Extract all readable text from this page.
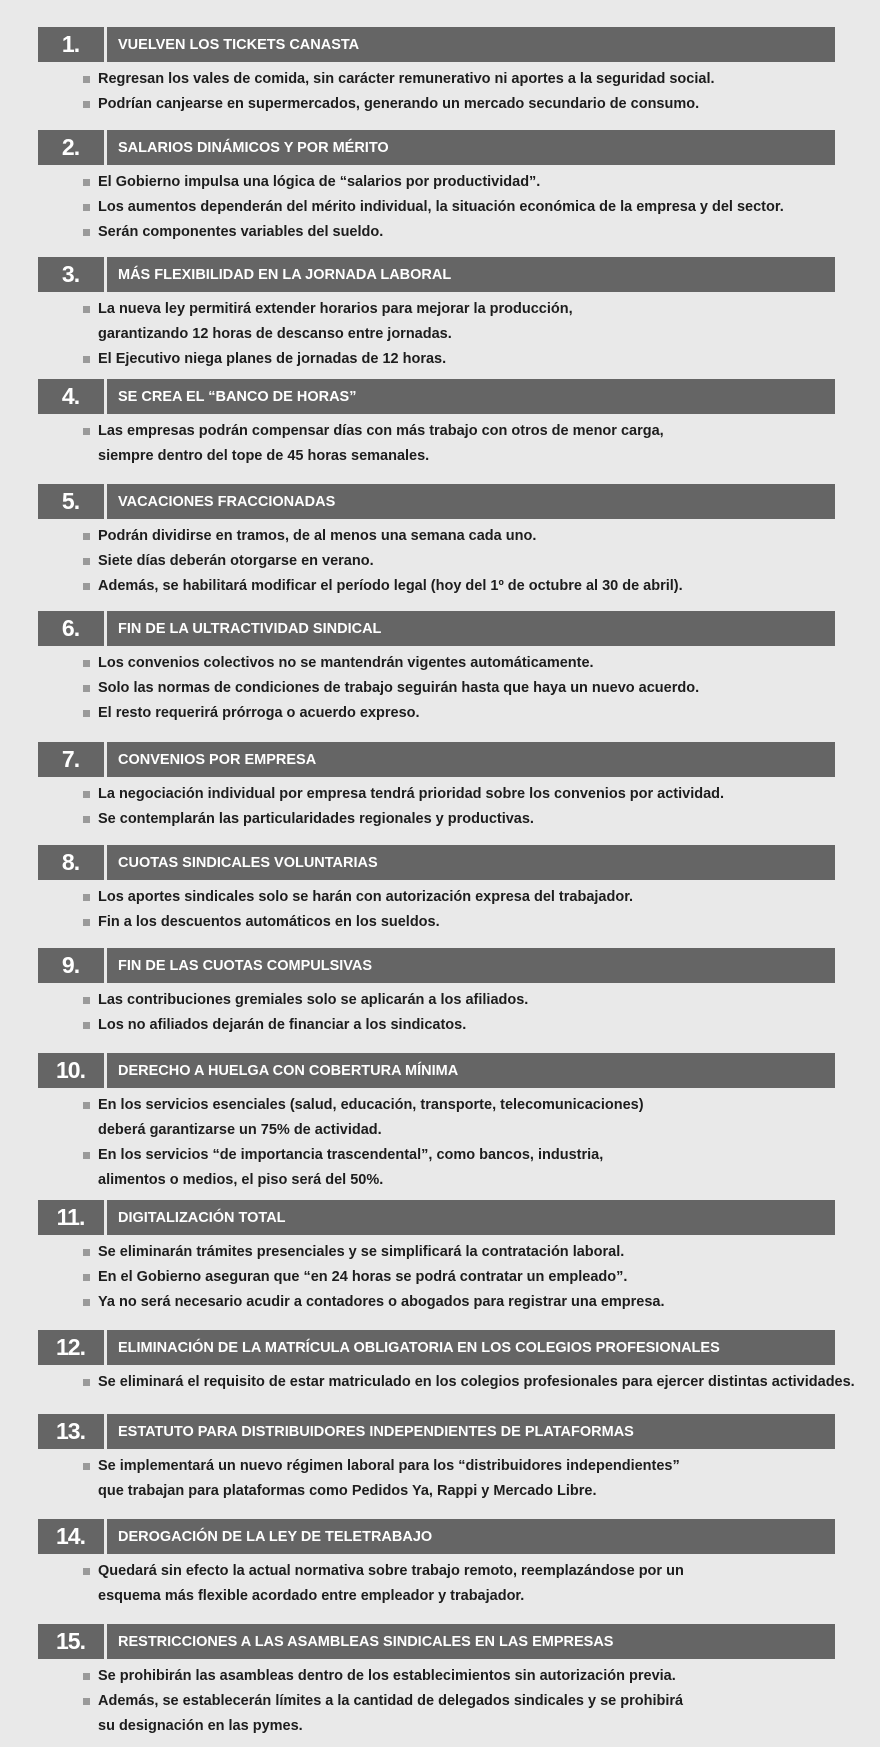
1.	VUELVEN LOS TICKETS CANASTA
Regresan los vales de comida, sin carácter remunerativo ni aportes a la seguridad social.
Podrían canjearse en supermercados, generando un mercado secundario de consumo.
2.	SALARIOS DINÁMICOS Y POR MÉRITO
El Gobierno impulsa una lógica de “salarios por productividad”.
Los aumentos dependerán del mérito individual, la situación económica de la empresa y del sector.
Serán componentes variables del sueldo.
3.	MÁS FLEXIBILIDAD EN LA JORNADA LABORAL
La nueva ley permitirá extender horarios para mejorar la producción,
garantizando 12 horas de descanso entre jornadas.
El Ejecutivo niega planes de jornadas de 12 horas.
4.	SE CREA EL “BANCO DE HORAS”
Las empresas podrán compensar días con más trabajo con otros de menor carga,
siempre dentro del tope de 45 horas semanales.
5.	VACACIONES FRACCIONADAS
Podrán dividirse en tramos, de al menos una semana cada uno.
Siete días deberán otorgarse en verano.
Además, se habilitará modificar el período legal (hoy del 1º de octubre al 30 de abril).
6.	FIN DE LA ULTRACTIVIDAD SINDICAL
Los convenios colectivos no se mantendrán vigentes automáticamente.
Solo las normas de condiciones de trabajo seguirán hasta que haya un nuevo acuerdo.
El resto requerirá prórroga o acuerdo expreso.
7.	CONVENIOS POR EMPRESA
La negociación individual por empresa tendrá prioridad sobre los convenios por actividad.
Se contemplarán las particularidades regionales y productivas.
8.	CUOTAS SINDICALES VOLUNTARIAS
Los aportes sindicales solo se harán con autorización expresa del trabajador.
Fin a los descuentos automáticos en los sueldos.
9.	FIN DE LAS CUOTAS COMPULSIVAS
Las contribuciones gremiales solo se aplicarán a los afiliados.
Los no afiliados dejarán de financiar a los sindicatos.
10.	DERECHO A HUELGA CON COBERTURA MÍNIMA
En los servicios esenciales (salud, educación, transporte, telecomunicaciones)
deberá garantizarse un 75% de actividad.
En los servicios “de importancia trascendental”, como bancos, industria,
alimentos o medios, el piso será del 50%.
11.	DIGITALIZACIÓN TOTAL
Se eliminarán trámites presenciales y se simplificará la contratación laboral.
En el Gobierno aseguran que “en 24 horas se podrá contratar un empleado”.
Ya no será necesario acudir a contadores o abogados para registrar una empresa.
12.	ELIMINACIÓN DE LA MATRÍCULA OBLIGATORIA EN LOS COLEGIOS PROFESIONALES
Se eliminará el requisito de estar matriculado en los colegios profesionales para ejercer distintas actividades.
13.	ESTATUTO PARA DISTRIBUIDORES INDEPENDIENTES DE PLATAFORMAS
Se implementará un nuevo régimen laboral para los “distribuidores independientes”
que trabajan para plataformas como Pedidos Ya, Rappi y Mercado Libre.
14.	DEROGACIÓN DE LA LEY DE TELETRABAJO
Quedará sin efecto la actual normativa sobre trabajo remoto, reemplazándose por un
esquema más flexible acordado entre empleador y trabajador.
15.	RESTRICCIONES A LAS ASAMBLEAS SINDICALES EN LAS EMPRESAS
Se prohibirán las asambleas dentro de los establecimientos sin autorización previa.
Además, se establecerán límites a la cantidad de delegados sindicales y se prohibirá
su designación en las pymes.
